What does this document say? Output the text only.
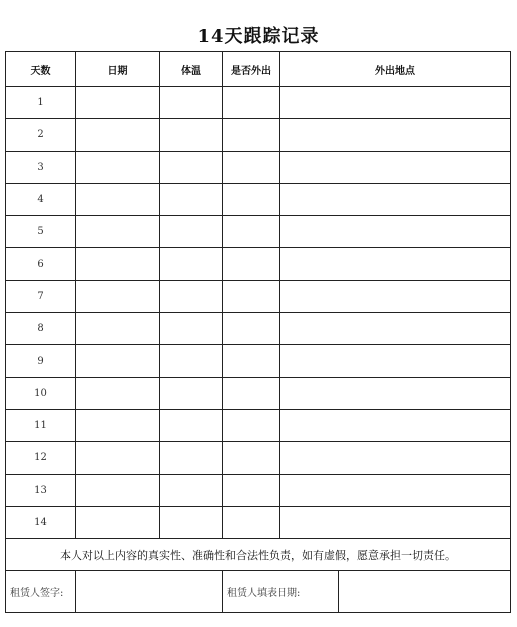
14天跟踪记录
天数	日期	体温	是否外出	外出地点	
1					
2					
3					
4					
5					
6					
7					
8					
9					
10					
11					
12					
13					
14					
本人对以上内容的真实性、准确性和合法性负责，如有虚假，愿意承担一切责任。					
租赁人签字:			租赁人填表日期:		
